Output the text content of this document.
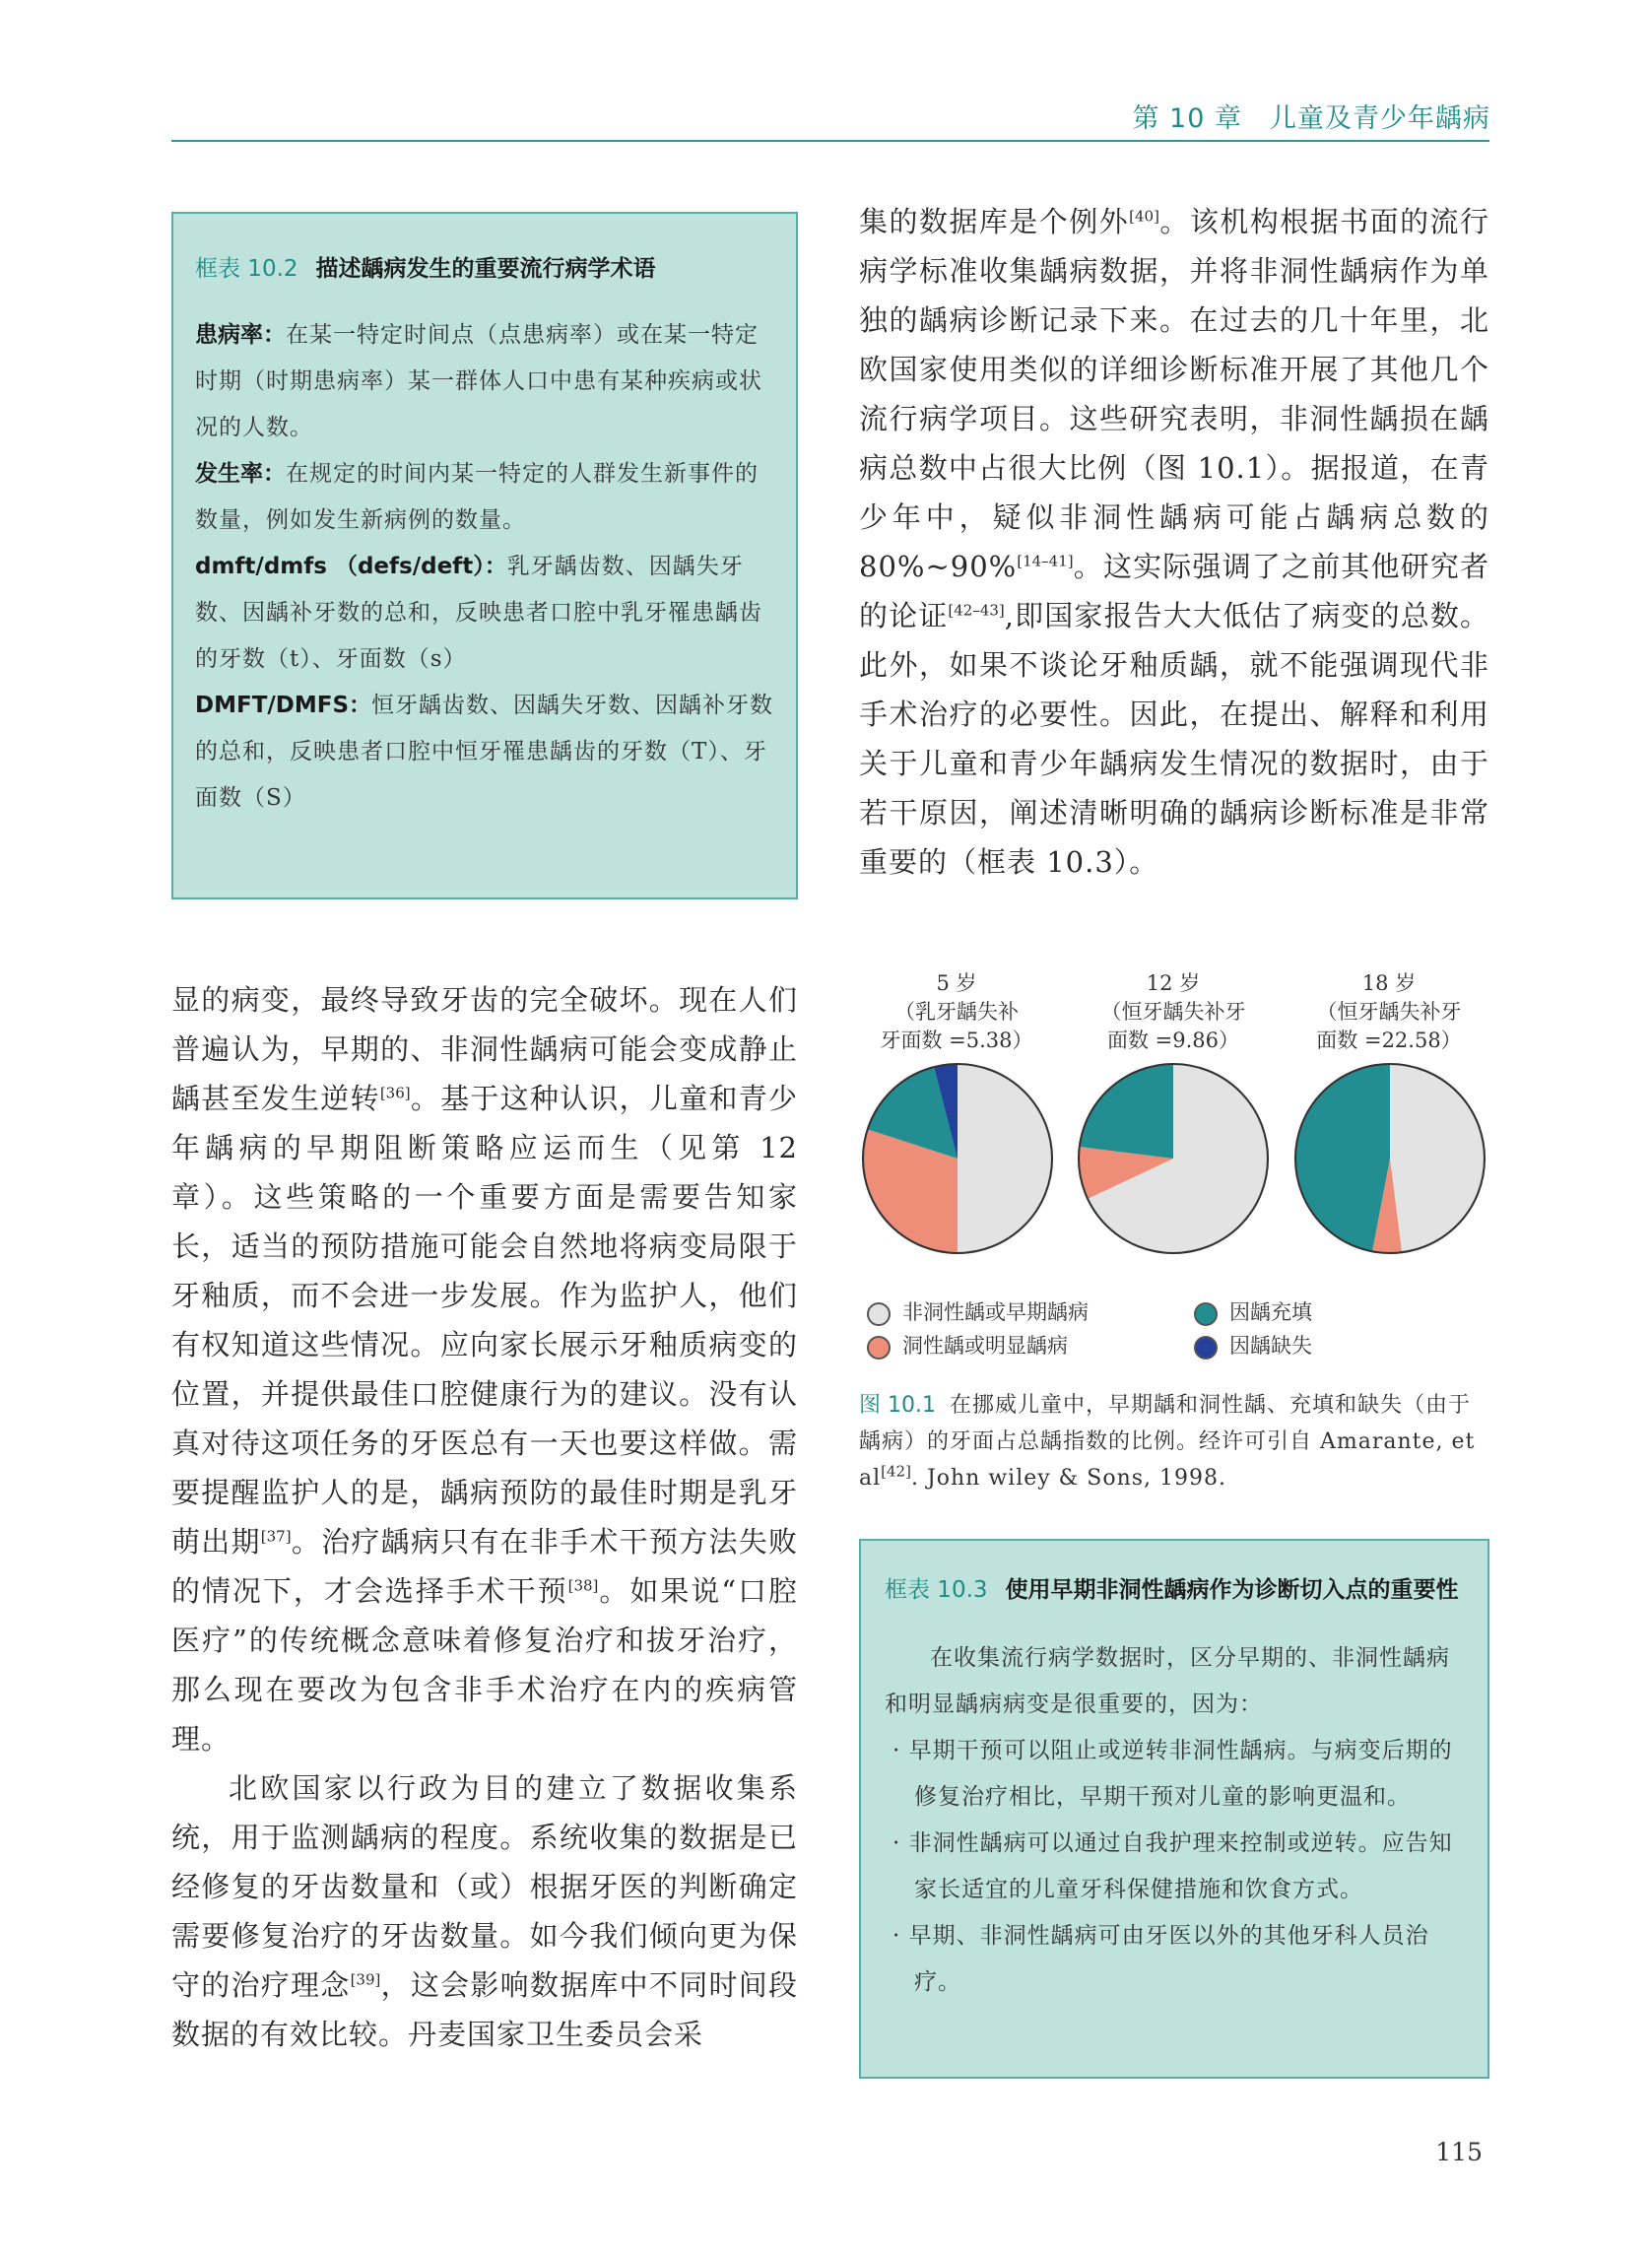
第 10 章　儿童及青少年龋病
框表 10.2 描述龋病发生的重要流行病学术语
患病率：在某一特定时间点（点患病率）或在某一特定时期（时期患病率）某一群体人口中患有某种疾病或状况的人数。
发生率：在规定的时间内某一特定的人群发生新事件的数量，例如发生新病例的数量。
dmft/dmfs （defs/deft）：乳牙龋齿数、因龋失牙数、因龋补牙数的总和，反映患者口腔中乳牙罹患龋齿的牙数（t）、牙面数（s）
DMFT/DMFS：恒牙龋齿数、因龋失牙数、因龋补牙数的总和，反映患者口腔中恒牙罹患龋齿的牙数（T）、牙面数（S）

集的数据库是个例外[40]。该机构根据书面的流行病学标准收集龋病数据，并将非洞性龋病作为单独的龋病诊断记录下来。在过去的几十年里，北欧国家使用类似的详细诊断标准开展了其他几个流行病学项目。这些研究表明，非洞性龋损在龋病总数中占很大比例（图 10.1）。据报道，在青少年中，疑似非洞性龋病可能占龋病总数的 80%~90%[14–41]。这实际强调了之前其他研究者的论证[42–43],即国家报告大大低估了病变的总数。此外，如果不谈论牙釉质龋，就不能强调现代非手术治疗的必要性。因此，在提出、解释和利用关于儿童和青少年龋病发生情况的数据时，由于若干原因，阐述清晰明确的龋病诊断标准是非常重要的（框表 10.3）。

显的病变，最终导致牙齿的完全破坏。现在人们普遍认为，早期的、非洞性龋病可能会变成静止龋甚至发生逆转[36]。基于这种认识，儿童和青少年龋病的早期阻断策略应运而生（见第 12 章）。这些策略的一个重要方面是需要告知家长，适当的预防措施可能会自然地将病变局限于牙釉质，而不会进一步发展。作为监护人，他们有权知道这些情况。应向家长展示牙釉质病变的位置，并提供最佳口腔健康行为的建议。没有认真对待这项任务的牙医总有一天也要这样做。需要提醒监护人的是，龋病预防的最佳时期是乳牙萌出期[37]。治疗龋病只有在非手术干预方法失败的情况下，才会选择手术干预[38]。如果说“口腔医疗”的传统概念意味着修复治疗和拔牙治疗，那么现在要改为包含非手术治疗在内的疾病管理。

北欧国家以行政为目的建立了数据收集系统，用于监测龋病的程度。系统收集的数据是已经修复的牙齿数量和（或）根据牙医的判断确定需要修复治疗的牙齿数量。如今我们倾向更为保守的治疗理念[39]，这会影响数据库中不同时间段数据的有效比较。丹麦国家卫生委员会采

5 岁
（乳牙龋失补
牙面数 =5.38）
12 岁
（恒牙龋失补牙
面数 =9.86）
18 岁
（恒牙龋失补牙
面数 =22.58）
非洞性龋或早期龋病
洞性龋或明显龋病
因龋充填
因龋缺失
图 10.1 在挪威儿童中，早期龋和洞性龋、充填和缺失（由于龋病）的牙面占总龋指数的比例。经许可引自 Amarante, et al[42]. John wiley & Sons, 1998.
框表 10.3 使用早期非洞性龋病作为诊断切入点的重要性
在收集流行病学数据时，区分早期的、非洞性龋病和明显龋病病变是很重要的，因为：
· 早期干预可以阻止或逆转非洞性龋病。与病变后期的修复治疗相比，早期干预对儿童的影响更温和。
· 非洞性龋病可以通过自我护理来控制或逆转。应告知家长适宜的儿童牙科保健措施和饮食方式。
· 早期、非洞性龋病可由牙医以外的其他牙科人员治疗。
115
